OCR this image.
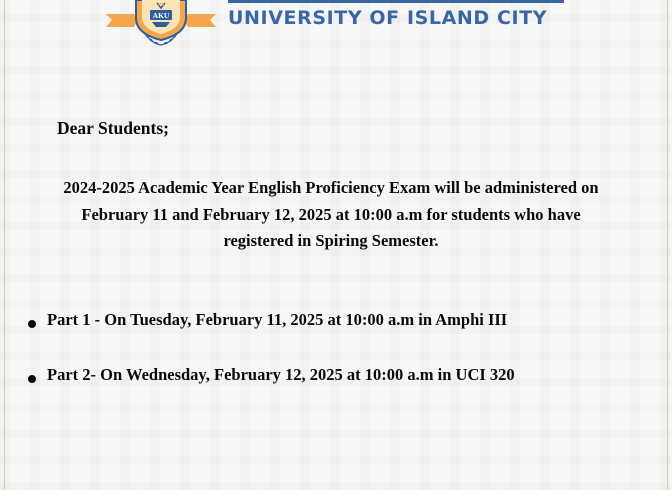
AKU	UNIVERSITY OF ISLAND CITY
Dear Students;
2024-2025 Academic Year English Proficiency Exam will be administered on
February 11 and February 12, 2025 at 10:00 a.m for students who have
registered in Spiring Semester.
Part 1 - On Tuesday, February 11, 2025 at 10:00 a.m in Amphi III
Part 2- On Wednesday, February 12, 2025 at 10:00 a.m in UCI 320
